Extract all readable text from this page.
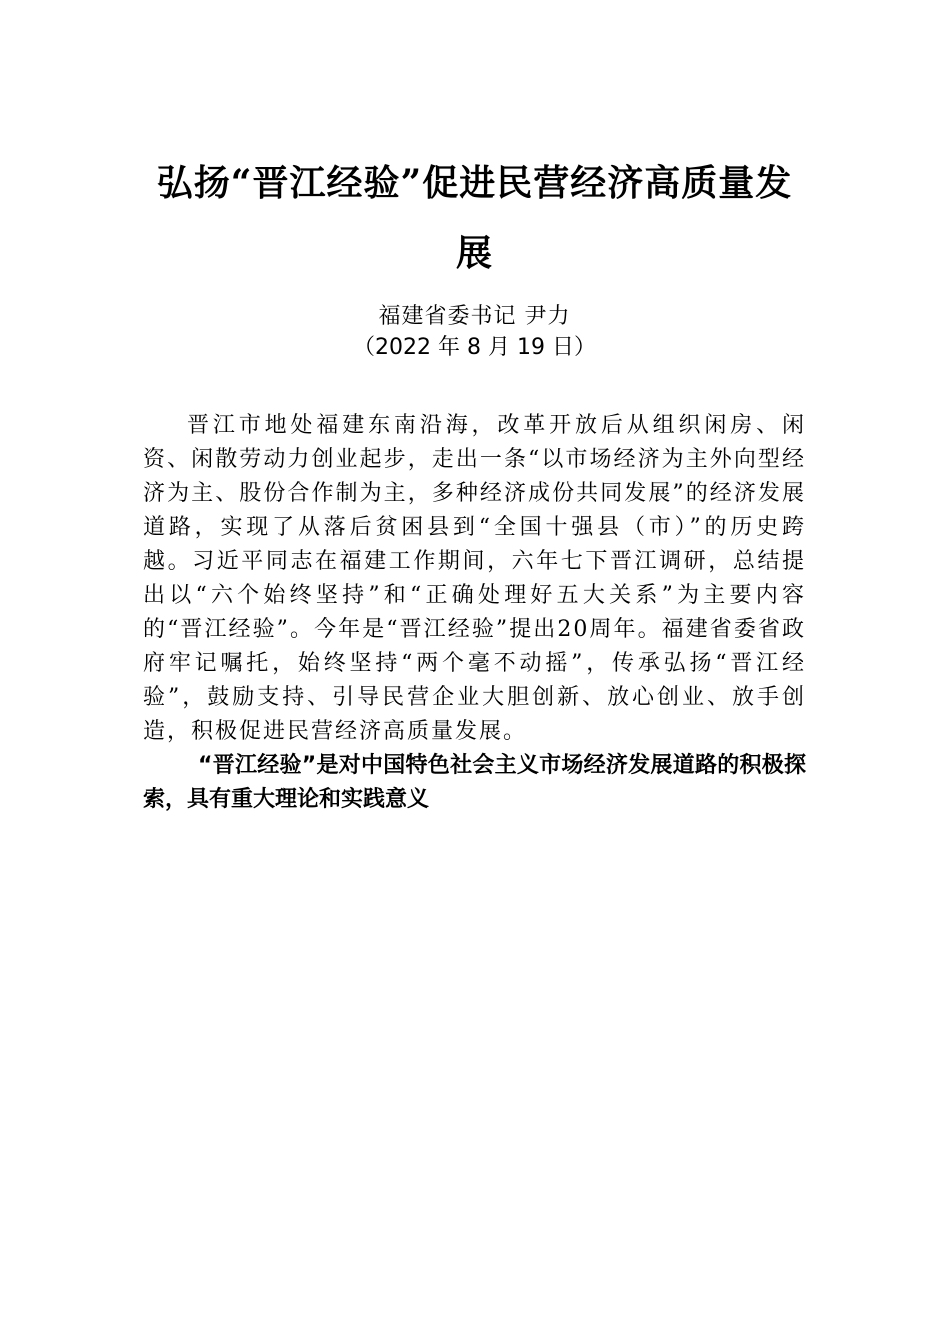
弘扬“晋江经验”促进民营经济高质量发展
福建省委书记 尹力
（2022 年 8 月 19 日）

晋江市地处福建东南沿海，改革开放后从组织闲房、闲资、闲散劳动力创业起步，走出一条“以市场经济为主外向型经济为主、股份合作制为主，多种经济成份共同发展”的经济发展道路，实现了从落后贫困县到“全国十强县（市）”的历史跨越。习近平同志在福建工作期间，六年七下晋江调研，总结提出以“六个始终坚持”和“正确处理好五大关系”为主要内容的“晋江经验”。今年是“晋江经验”提出20周年。福建省委省政府牢记嘱托，始终坚持“两个毫不动摇”，传承弘扬“晋江经验”，鼓励支持、引导民营企业大胆创新、放心创业、放手创造，积极促进民营经济高质量发展。

“晋江经验”是对中国特色社会主义市场经济发展道路的积极探索，具有重大理论和实践意义
